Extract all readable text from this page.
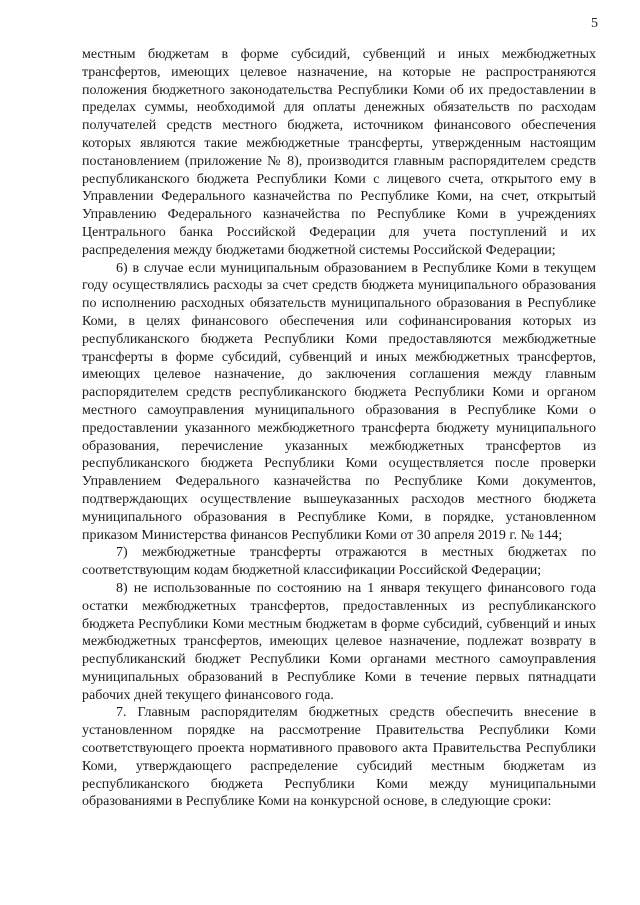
5

местным бюджетам в форме субсидий, субвенций и иных межбюджетных трансфертов, имеющих целевое назначение, на которые не распространяются положения бюджетного законодательства Республики Коми об их предоставлении в пределах суммы, необходимой для оплаты денежных обязательств по расходам получателей средств местного бюджета, источником финансового обеспечения которых являются такие межбюджетные трансферты, утвержденным настоящим постановлением (приложение № 8), производится главным распорядителем средств республиканского бюджета Республики Коми с лицевого счета, открытого ему в Управлении Федерального казначейства по Республике Коми, на счет, открытый Управлению Федерального казначейства по Республике Коми в учреждениях Центрального банка Российской Федерации для учета поступлений и их распределения между бюджетами бюджетной системы Российской Федерации;

6) в случае если муниципальным образованием в Республике Коми в текущем году осуществлялись расходы за счет средств бюджета муниципального образования по исполнению расходных обязательств муниципального образования в Республике Коми, в целях финансового обеспечения или софинансирования которых из республиканского бюджета Республики Коми предоставляются межбюджетные трансферты в форме субсидий, субвенций и иных межбюджетных трансфертов, имеющих целевое назначение, до заключения соглашения между главным распорядителем средств республиканского бюджета Республики Коми и органом местного самоуправления муниципального образования в Республике Коми о предоставлении указанного межбюджетного трансферта бюджету муниципального образования, перечисление указанных межбюджетных трансфертов из республиканского бюджета Республики Коми осуществляется после проверки Управлением Федерального казначейства по Республике Коми документов, подтверждающих осуществление вышеуказанных расходов местного бюджета муниципального образования в Республике Коми, в порядке, установленном приказом Министерства финансов Республики Коми от 30 апреля 2019 г. № 144;

7) межбюджетные трансферты отражаются в местных бюджетах по соответствующим кодам бюджетной классификации Российской Федерации;

8) не использованные по состоянию на 1 января текущего финансового года остатки межбюджетных трансфертов, предоставленных из республиканского бюджета Республики Коми местным бюджетам в форме субсидий, субвенций и иных межбюджетных трансфертов, имеющих целевое назначение, подлежат возврату в республиканский бюджет Республики Коми органами местного самоуправления муниципальных образований в Республике Коми в течение первых пятнадцати рабочих дней текущего финансового года.

7. Главным распорядителям бюджетных средств обеспечить внесение в установленном порядке на рассмотрение Правительства Республики Коми соответствующего проекта нормативного правового акта Правительства Республики Коми, утверждающего распределение субсидий местным бюджетам из республиканского бюджета Республики Коми между муниципальными образованиями в Республике Коми на конкурсной основе, в следующие сроки:
